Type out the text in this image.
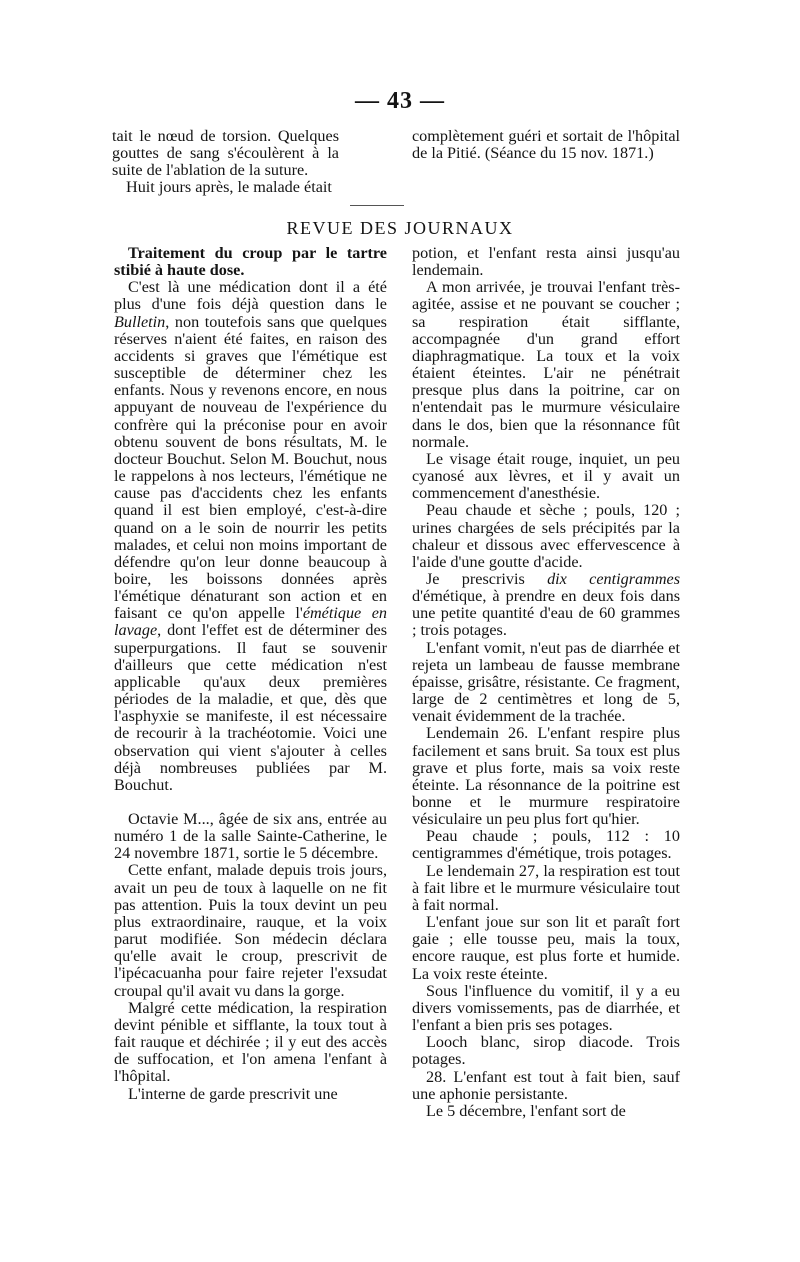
— 43 —

tait le nœud de torsion. Quelques gouttes de sang s'écoulèrent à la suite de l'ablation de la suture.

Huit jours après, le malade était

complètement guéri et sortait de l'hôpital de la Pitié. (Séance du 15 nov. 1871.)

REVUE DES JOURNAUX

Traitement du croup par le tartre stibié à haute dose.

C'est là une médication dont il a été plus d'une fois déjà question dans le Bulletin, non toutefois sans que quelques réserves n'aient été faites, en raison des accidents si graves que l'émétique est susceptible de déterminer chez les enfants. Nous y revenons encore, en nous appuyant de nouveau de l'expérience du confrère qui la préconise pour en avoir obtenu souvent de bons résultats, M. le docteur Bouchut. Selon M. Bouchut, nous le rappelons à nos lecteurs, l'émétique ne cause pas d'accidents chez les enfants quand il est bien employé, c'est-à-dire quand on a le soin de nourrir les petits malades, et celui non moins important de défendre qu'on leur donne beaucoup à boire, les boissons données après l'émétique dénaturant son action et en faisant ce qu'on appelle l'émétique en lavage, dont l'effet est de déterminer des superpurgations. Il faut se souvenir d'ailleurs que cette médication n'est applicable qu'aux deux premières périodes de la maladie, et que, dès que l'asphyxie se manifeste, il est nécessaire de recourir à la trachéotomie. Voici une observation qui vient s'ajouter à celles déjà nombreuses publiées par M. Bouchut.

Octavie M..., âgée de six ans, entrée au numéro 1 de la salle Sainte-Catherine, le 24 novembre 1871, sortie le 5 décembre.

Cette enfant, malade depuis trois jours, avait un peu de toux à laquelle on ne fit pas attention. Puis la toux devint un peu plus extraordinaire, rauque, et la voix parut modifiée. Son médecin déclara qu'elle avait le croup, prescrivit de l'ipécacuanha pour faire rejeter l'exsudat croupal qu'il avait vu dans la gorge.

Malgré cette médication, la respiration devint pénible et sifflante, la toux tout à fait rauque et déchirée ; il y eut des accès de suffocation, et l'on amena l'enfant à l'hôpital.

L'interne de garde prescrivit une

potion, et l'enfant resta ainsi jusqu'au lendemain.

A mon arrivée, je trouvai l'enfant très-agitée, assise et ne pouvant se coucher ; sa respiration était sifflante, accompagnée d'un grand effort diaphragmatique. La toux et la voix étaient éteintes. L'air ne pénétrait presque plus dans la poitrine, car on n'entendait pas le murmure vésiculaire dans le dos, bien que la résonnance fût normale.

Le visage était rouge, inquiet, un peu cyanosé aux lèvres, et il y avait un commencement d'anesthésie.

Peau chaude et sèche ; pouls, 120 ; urines chargées de sels précipités par la chaleur et dissous avec effervescence à l'aide d'une goutte d'acide.

Je prescrivis dix centigrammes d'émétique, à prendre en deux fois dans une petite quantité d'eau de 60 grammes ; trois potages.

L'enfant vomit, n'eut pas de diarrhée et rejeta un lambeau de fausse membrane épaisse, grisâtre, résistante. Ce fragment, large de 2 centimètres et long de 5, venait évidemment de la trachée.

Lendemain 26. L'enfant respire plus facilement et sans bruit. Sa toux est plus grave et plus forte, mais sa voix reste éteinte. La résonnance de la poitrine est bonne et le murmure respiratoire vésiculaire un peu plus fort qu'hier.

Peau chaude ; pouls, 112 : 10 centigrammes d'émétique, trois potages.

Le lendemain 27, la respiration est tout à fait libre et le murmure vésiculaire tout à fait normal.

L'enfant joue sur son lit et paraît fort gaie ; elle tousse peu, mais la toux, encore rauque, est plus forte et humide. La voix reste éteinte.

Sous l'influence du vomitif, il y a eu divers vomissements, pas de diarrhée, et l'enfant a bien pris ses potages.

Looch blanc, sirop diacode. Trois potages.

28. L'enfant est tout à fait bien, sauf une aphonie persistante.

Le 5 décembre, l'enfant sort de
